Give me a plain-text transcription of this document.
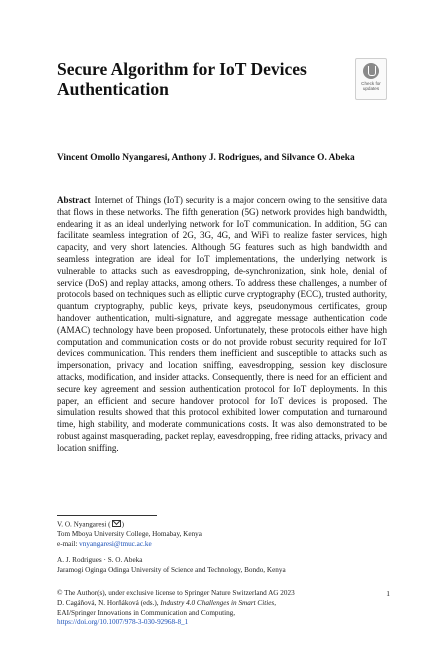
Secure Algorithm for IoT Devices
Authentication	Check for
updates
Vincent Omollo Nyangaresi, Anthony J. Rodrigues, and Silvance O. Abeka
Abstract Internet of Things (IoT) security is a major concern owing to the sensitive data that flows in these networks. The fifth generation (5G) network provides high bandwidth, endearing it as an ideal underlying network for IoT communication. In addition, 5G can facilitate seamless integration of 2G, 3G, 4G, and WiFi to realize faster services, high capacity, and very short latencies. Although 5G features such as high bandwidth and seamless integration are ideal for IoT implementations, the underlying network is vulnerable to attacks such as eavesdropping, de-synchronization, sink hole, denial of service (DoS) and replay attacks, among others. To address these challenges, a number of protocols based on techniques such as elliptic curve cryptography (ECC), trusted authority, quantum cryptography, public keys, private keys, pseudonymous certificates, group handover authentication, multi-signature, and aggregate message authentication code (AMAC) technology have been proposed. Unfortunately, these protocols either have high computation and communication costs or do not provide robust security required for IoT devices communication. This renders them inefficient and susceptible to attacks such as impersonation, privacy and location sniffing, eavesdropping, session key disclosure attacks, modification, and insider attacks. Consequently, there is need for an efficient and secure key agreement and session authentication protocol for IoT deployments. In this paper, an efficient and secure handover protocol for IoT devices is proposed. The simulation results showed that this protocol exhibited lower computation and turnaround time, high stability, and moderate communications costs. It was also demonstrated to be robust against masquerading, packet replay, eavesdropping, free riding attacks, privacy and location sniffing.
V. O. Nyangaresi ( )
Tom Mboya University College, Homabay, Kenya
e-mail: vnyangaresi@tmuc.ac.ke
A. J. Rodrigues · S. O. Abeka
Jaramogi Oginga Odinga University of Science and Technology, Bondo, Kenya
© The Author(s), under exclusive license to Springer Nature Switzerland AG 2023
D. Cagáňová, N. Horňáková (eds.), Industry 4.0 Challenges in Smart Cities,
EAI/Springer Innovations in Communication and Computing,
https://doi.org/10.1007/978-3-030-92968-8_1
1
